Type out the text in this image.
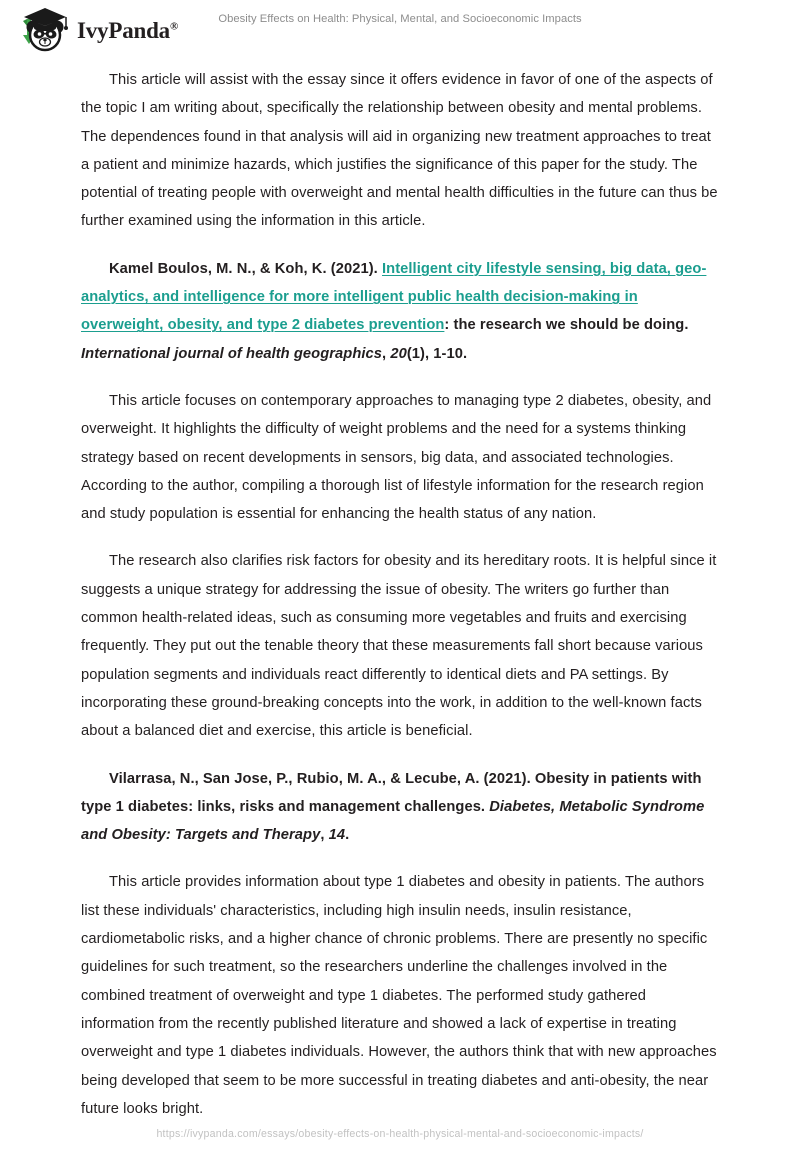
IvyPanda®
Obesity Effects on Health: Physical, Mental, and Socioeconomic Impacts

This article will assist with the essay since it offers evidence in favor of one of the aspects of the topic I am writing about, specifically the relationship between obesity and mental problems. The dependences found in that analysis will aid in organizing new treatment approaches to treat a patient and minimize hazards, which justifies the significance of this paper for the study. The potential of treating people with overweight and mental health difficulties in the future can thus be further examined using the information in this article.

Kamel Boulos, M. N., & Koh, K. (2021). Intelligent city lifestyle sensing, big data, geo-analytics, and intelligence for more intelligent public health decision-making in overweight, obesity, and type 2 diabetes prevention: the research we should be doing. International journal of health geographics, 20(1), 1-10.

This article focuses on contemporary approaches to managing type 2 diabetes, obesity, and overweight. It highlights the difficulty of weight problems and the need for a systems thinking strategy based on recent developments in sensors, big data, and associated technologies. According to the author, compiling a thorough list of lifestyle information for the research region and study population is essential for enhancing the health status of any nation.

The research also clarifies risk factors for obesity and its hereditary roots. It is helpful since it suggests a unique strategy for addressing the issue of obesity. The writers go further than common health-related ideas, such as consuming more vegetables and fruits and exercising frequently. They put out the tenable theory that these measurements fall short because various population segments and individuals react differently to identical diets and PA settings. By incorporating these ground-breaking concepts into the work, in addition to the well-known facts about a balanced diet and exercise, this article is beneficial.

Vilarrasa, N., San Jose, P., Rubio, M. A., & Lecube, A. (2021). Obesity in patients with type 1 diabetes: links, risks and management challenges. Diabetes, Metabolic Syndrome and Obesity: Targets and Therapy, 14.

This article provides information about type 1 diabetes and obesity in patients. The authors list these individuals' characteristics, including high insulin needs, insulin resistance, cardiometabolic risks, and a higher chance of chronic problems. There are presently no specific guidelines for such treatment, so the researchers underline the challenges involved in the combined treatment of overweight and type 1 diabetes. The performed study gathered information from the recently published literature and showed a lack of expertise in treating overweight and type 1 diabetes individuals. However, the authors think that with new approaches being developed that seem to be more successful in treating diabetes and anti-obesity, the near future looks bright.

https://ivypanda.com/essays/obesity-effects-on-health-physical-mental-and-socioeconomic-impacts/
